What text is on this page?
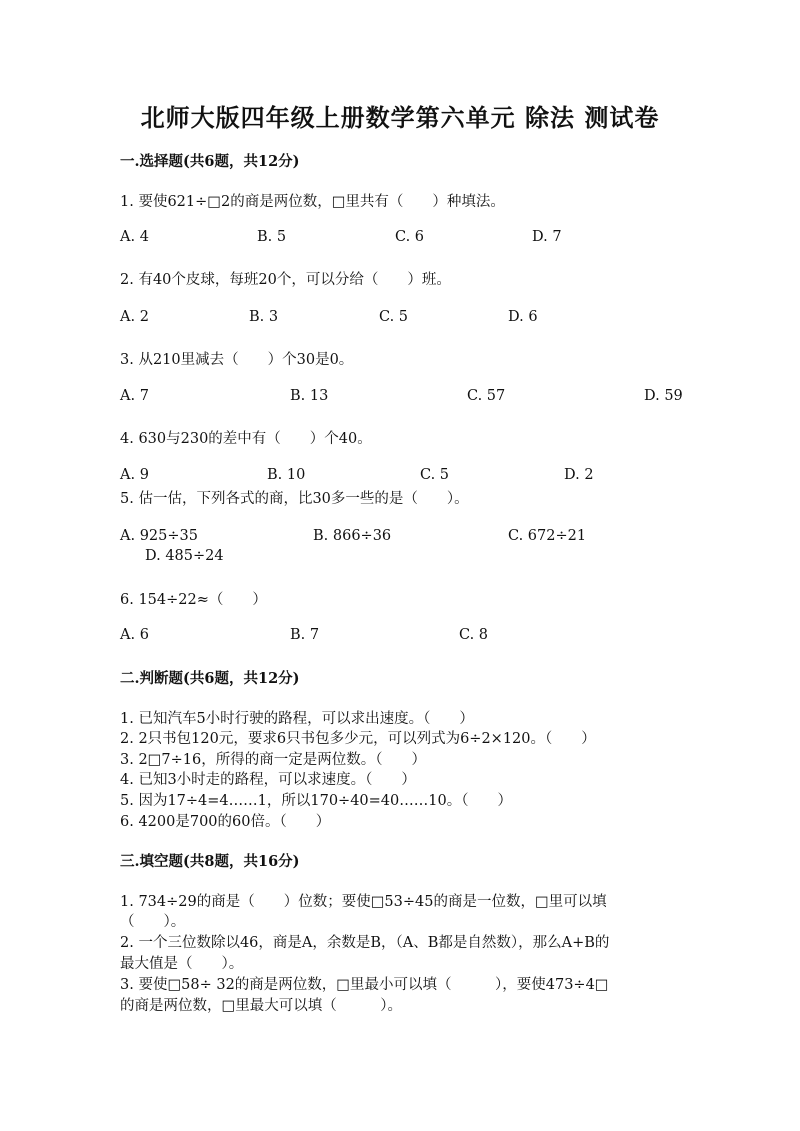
北师大版四年级上册数学第六单元 除法 测试卷
一.选择题(共6题，共12分)
1. 要使621÷□2的商是两位数，□里共有（　　）种填法。
A. 4	B. 5	C. 6	D. 7
2. 有40个皮球，每班20个，可以分给（　　）班。
A. 2	B. 3	C. 5	D. 6
3. 从210里减去（　　）个30是0。
A. 7	B. 13	C. 57	D. 59
4. 630与230的差中有（　　）个40。
A. 9	B. 10	C. 5	D. 2
5. 估一估，下列各式的商，比30多一些的是（　　）。
A. 925÷35	B. 866÷36	C. 672÷21
D. 485÷24
6. 154÷22≈（　　）
A. 6	B. 7	C. 8
二.判断题(共6题，共12分)
1. 已知汽车5小时行驶的路程，可以求出速度。（　　）
2. 2只书包120元，要求6只书包多少元，可以列式为6÷2×120。（　　）
3. 2□7÷16，所得的商一定是两位数。（　　）
4. 已知3小时走的路程，可以求速度。（　　）
5. 因为17÷4=4……1，所以170÷40=40……10。（　　）
6. 4200是700的60倍。（　　）
三.填空题(共8题，共16分)
1. 734÷29的商是（　　）位数；要使□53÷45的商是一位数，□里可以填
（　　）。
2. 一个三位数除以46，商是A，余数是B，（A、B都是自然数），那么A+B的
最大值是（　　）。
3. 要使□58÷ 32的商是两位数，□里最小可以填（　　　），要使473÷4□
的商是两位数，□里最大可以填（　　　）。
